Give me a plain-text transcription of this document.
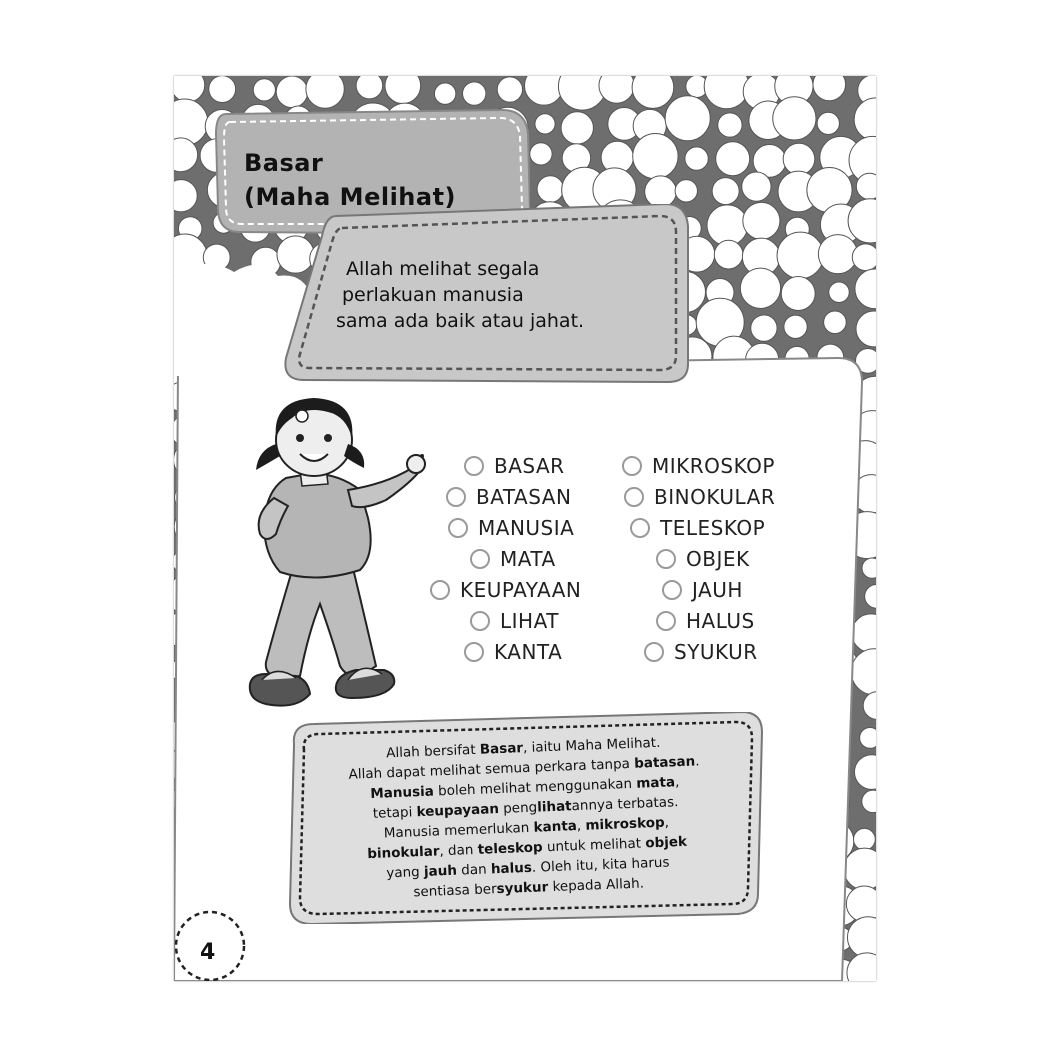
Basar
(Maha Melihat)
Allah melihat segala
perlakuan manusia
sama ada baik atau jahat.
Allah bersifat Basar, iaitu Maha Melihat.
Allah dapat melihat semua perkara tanpa batasan.
Manusia boleh melihat menggunakan mata,
tetapi keupayaan penglihatannya terbatas.
Manusia memerlukan kanta, mikroskop,
binokular, dan teleskop untuk melihat objek
yang jauh dan halus. Oleh itu, kita harus
sentiasa bersyukur kepada Allah.
4
BASAR
BATASAN
MANUSIA
MATA
KEUPAYAAN
LIHAT
KANTA
MIKROSKOP
BINOKULAR
TELESKOP
OBJEK
JAUH
HALUS
SYUKUR
